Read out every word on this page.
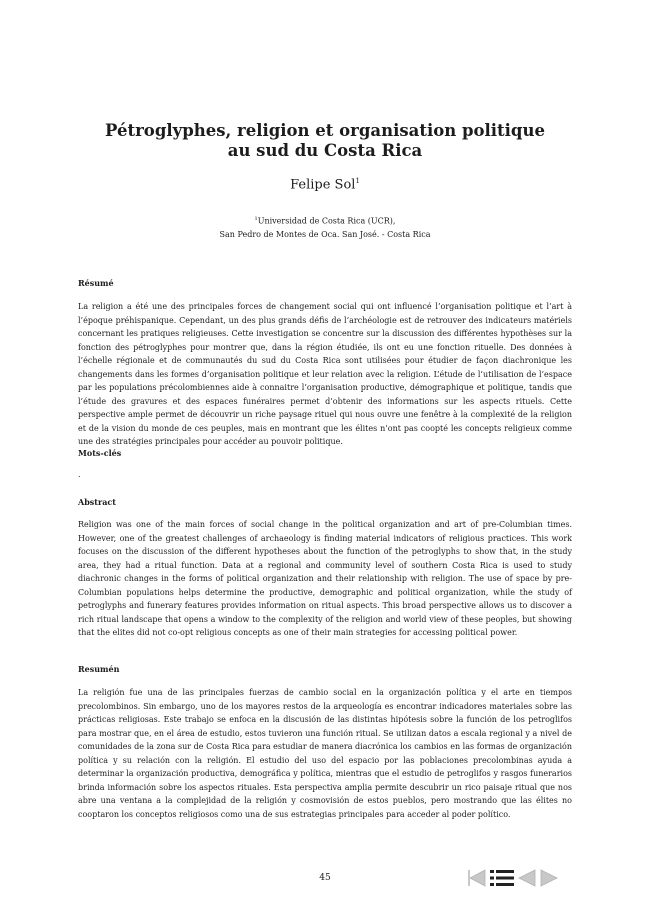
Pétroglyphes, religion et organisation politique
au sud du Costa Rica

Felipe Sol$^1$

$^1$Universidad de Costa Rica (UCR),
San Pedro de Montes de Oca. San José. - Costa Rica

Résumé

La religion a été une des principales forces de changement social qui ont influencé l’organisation politique et l’art à l’époque préhispanique. Cependant, un des plus grands défis de l’archéologie est de retrouver des indicateurs matériels concernant les pratiques religieuses. Cette investigation se concentre sur la discussion des différentes hypothèses sur la fonction des pétroglyphes pour montrer que, dans la région étudiée, ils ont eu une fonction rituelle. Des données à l’échelle régionale et de communautés du sud du Costa Rica sont utilisées pour étudier de façon diachronique les changements dans les formes d’organisation politique et leur relation avec la religion. L’étude de l’utilisation de l’espace par les populations précolombiennes aide à connaitre l’organisation productive, démographique et politique, tandis que l’étude des gravures et des espaces funéraires permet d’obtenir des informations sur les aspects rituels. Cette perspective ample permet de découvrir un riche paysage rituel qui nous ouvre une fenêtre à la complexité de la religion et de la vision du monde de ces peuples, mais en montrant que les élites n’ont pas coopté les concepts religieux comme une des stratégies principales pour accéder au pouvoir politique.

Mots-clés

.

Abstract

Religion was one of the main forces of social change in the political organization and art of pre-Columbian times. However, one of the greatest challenges of archaeology is finding material indicators of religious practices. This work focuses on the discussion of the different hypotheses about the function of the petroglyphs to show that, in the study area, they had a ritual function. Data at a regional and community level of southern Costa Rica is used to study diachronic changes in the forms of political organization and their relationship with religion. The use of space by pre-Columbian populations helps determine the productive, demographic and political organization, while the study of petroglyphs and funerary features provides information on ritual aspects. This broad perspective allows us to discover a rich ritual landscape that opens a window to the complexity of the religion and world view of these peoples, but showing that the elites did not co-opt religious concepts as one of their main strategies for accessing political power.

Resumén

La religión fue una de las principales fuerzas de cambio social en la organización política y el arte en tiempos precolombinos. Sin embargo, uno de los mayores restos de la arqueología es encontrar indicadores materiales sobre las prácticas religiosas. Este trabajo se enfoca en la discusión de las distintas hipótesis sobre la función de los petroglifos para mostrar que, en el área de estudio, estos tuvieron una función ritual. Se utilizan datos a escala regional y a nivel de comunidades de la zona sur de Costa Rica para estudiar de manera diacrónica los cambios en las formas de organización política y su relación con la religión. El estudio del uso del espacio por las poblaciones precolombinas ayuda a determinar la organización productiva, demográfica y política, mientras que el estudio de petroglifos y rasgos funerarios brinda información sobre los aspectos rituales. Esta perspectiva amplia permite descubrir un rico paisaje ritual que nos abre una ventana a la complejidad de la religión y cosmovisión de estos pueblos, pero mostrando que las élites no cooptaron los conceptos religiosos como una de sus estrategias principales para acceder al poder político.

45
